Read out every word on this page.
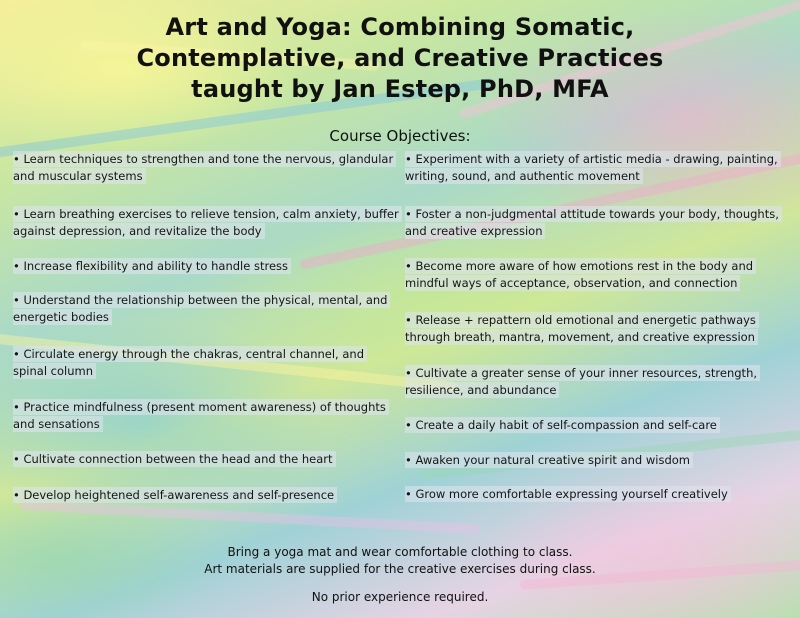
Art and Yoga: Combining Somatic,
Contemplative, and Creative Practices
taught by Jan Estep, PhD, MFA
Course Objectives:
• Learn techniques to strengthen and tone the nervous, glandular and muscular systems
• Learn breathing exercises to relieve tension, calm anxiety, buffer against depression, and revitalize the body
• Increase flexibility and ability to handle stress
• Understand the relationship between the physical, mental, and energetic bodies
• Circulate energy through the chakras, central channel, and spinal column
• Practice mindfulness (present moment awareness) of thoughts and sensations
• Cultivate connection between the head and the heart
• Develop heightened self-awareness and self-presence
• Experiment with a variety of artistic media - drawing, painting, writing, sound, and authentic movement
• Foster a non-judgmental attitude towards your body, thoughts, and creative expression
• Become more aware of how emotions rest in the body and mindful ways of acceptance, observation, and connection
• Release + repattern old emotional and energetic pathways through breath, mantra, movement, and creative expression
• Cultivate a greater sense of your inner resources, strength, resilience, and abundance
• Create a daily habit of self-compassion and self-care
• Awaken your natural creative spirit and wisdom
• Grow more comfortable expressing yourself creatively
Bring a yoga mat and wear comfortable clothing to class.
Art materials are supplied for the creative exercises during class.
No prior experience required.
